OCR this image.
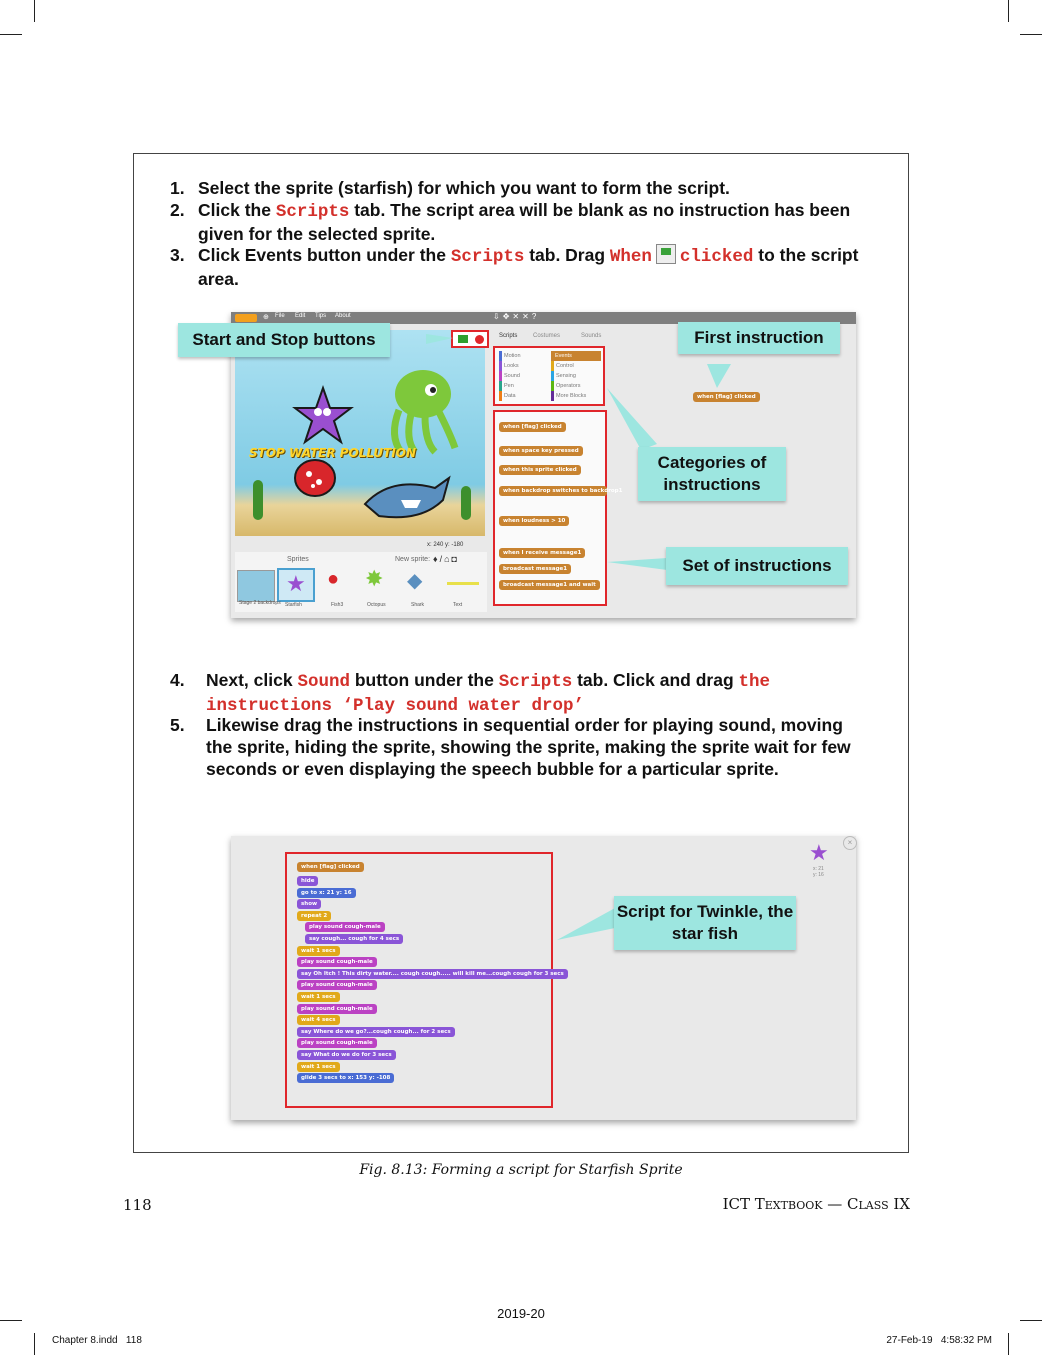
1. Select the sprite (starfish) for which you want to form the script.
2. Click the Scripts tab. The script area will be blank as no instruction has been given for the selected sprite.
3. Click Events button under the Scripts tab. Drag When clicked to the script area.
⊕ File Edit Tips About	⇩✥✕✕?
STOP WATER POLLUTION
x: 240 y: -180
Sprites	New sprite: ♦/⌂◘
★ ● ✸ ◆
Stage 2 backdrops Starfish	Fish3	Octopus	Shark	Text
Scripts	Costumes	Sounds
Motion
Looks
Sound
Pen
Data
Events
Control
Sensing
Operators
More Blocks
when [flag] clicked
when space key pressed
when this sprite clicked
when backdrop switches to backdrop1
when loudness > 10
when I receive message1
broadcast message1
broadcast message1 and wait
when [flag] clicked
Start and Stop buttons	First instruction
Categories of instructions
Set of instructions
4. Next, click Sound button under the Scripts tab. Click and drag the instructions ‘Play sound water drop’
5. Likewise drag the instructions in sequential order for playing sound, moving the sprite, hiding the sprite, showing the sprite, making the sprite wait for few seconds or even displaying the speech bubble for a particular sprite.
when [flag] clicked
hide
go to x: 21 y: 16
show
repeat 2
play sound cough-male
say cough... cough for 4 secs
wait 1 secs
play sound cough-male
say Oh Itch ! This dirty water.... cough cough..... will kill me...cough cough for 3 secs
play sound cough-male
wait 1 secs
play sound cough-male
wait 4 secs
say Where do we go?...cough cough... for 2 secs
play sound cough-male
say What do we do for 3 secs
wait 1 secs
glide 3 secs to x: 153 y: -108
★
x: 21
y: 16
×
Script for Twinkle, the star fish
Fig. 8.13: Forming a script for Starfish Sprite
118	ICT Textbook — Class IX
2019-20
Chapter 8.indd   118	27-Feb-19   4:58:32 PM
